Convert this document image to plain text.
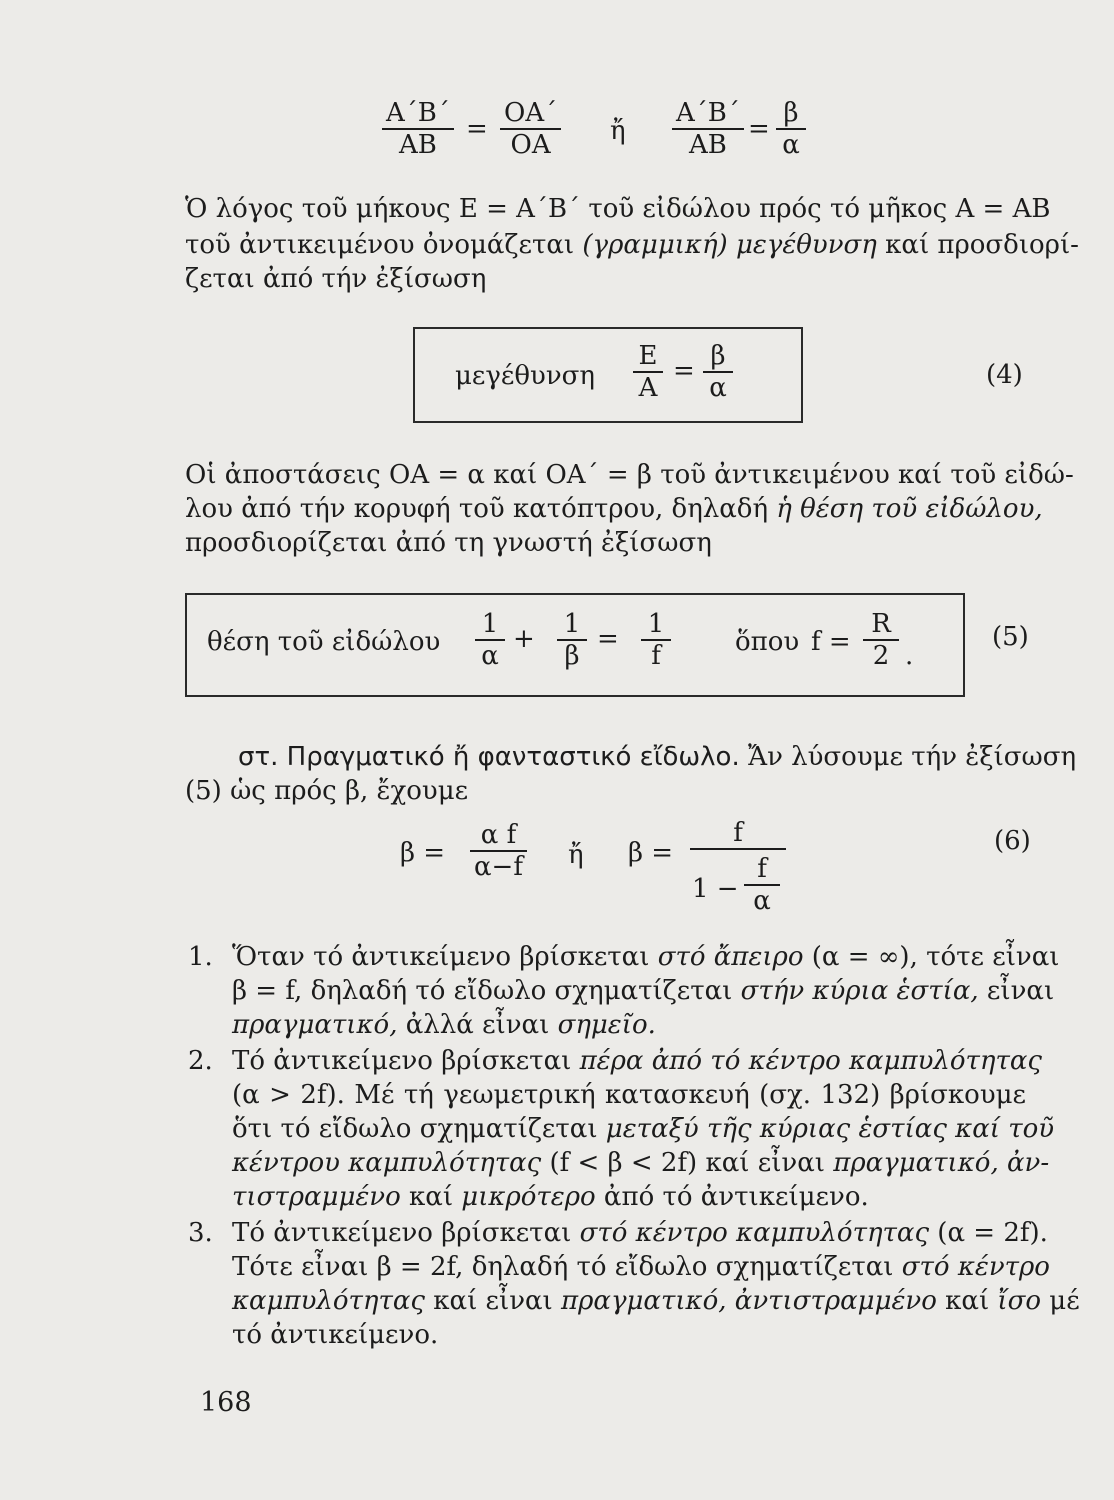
$\frac{A΄B΄}{AB} = \frac{OA΄}{OA}$ ἤ $\frac{A΄B΄}{AB} = \frac{\beta}{\alpha}$
Ὁ λόγος τοῦ μήκους E = A΄B΄ τοῦ εἰδώλου πρός τό μῆκος A = AB
τοῦ ἀντικειμένου ὀνομάζεται (γραμμική) μεγέθυνση καί προσδιορί-
ζεται ἀπό τήν ἐξίσωση
μεγέθυνση $\frac{E}{A} = \frac{\beta}{\alpha}$	(4)
Οἱ ἀποστάσεις OA = α καί OA΄ = β τοῦ ἀντικειμένου καί τοῦ εἰδώ-
λου ἀπό τήν κορυφή τοῦ κατόπτρου, δηλαδή ἡ θέση τοῦ εἰδώλου,
προσδιορίζεται ἀπό τη γνωστή ἐξίσωση
θέση τοῦ εἰδώλου $\frac{1}{\alpha} + \frac{1}{\beta} = \frac{1}{f}$ ὅπου $f = \frac{R}{2}$ .
(5)
στ. Πραγματικό ἤ φανταστικό εἴδωλο. Ἄν λύσουμε τήν ἐξίσωση
(5) ὡς πρός β, ἔχουμε
$\beta = \frac{\text{α f}}{\alpha-f}$ ἤ β =
f
$1 - \frac{f}{\alpha}$
(6)
1. Ὅταν τό ἀντικείμενο βρίσκεται στό ἄπειρο (α = ∞), τότε εἶναι
β = f, δηλαδή τό εἴδωλο σχηματίζεται στήν κύρια ἑστία, εἶναι
πραγματικό, ἀλλά εἶναι σημεῖο.
2. Τό ἀντικείμενο βρίσκεται πέρα ἀπό τό κέντρο καμπυλότητας
(α > 2f). Μέ τή γεωμετρική κατασκευή (σχ. 132) βρίσκουμε
ὅτι τό εἴδωλο σχηματίζεται μεταξύ τῆς κύριας ἑστίας καί τοῦ
κέντρου καμπυλότητας (f < β < 2f) καί εἶναι πραγματικό, ἀν-
τιστραμμένο καί μικρότερο ἀπό τό ἀντικείμενο.
3. Τό ἀντικείμενο βρίσκεται στό κέντρο καμπυλότητας (α = 2f).
Τότε εἶναι β = 2f, δηλαδή τό εἴδωλο σχηματίζεται στό κέντρο
καμπυλότητας καί εἶναι πραγματικό, ἀντιστραμμένο καί ἴσο μέ
τό ἀντικείμενο.
168
